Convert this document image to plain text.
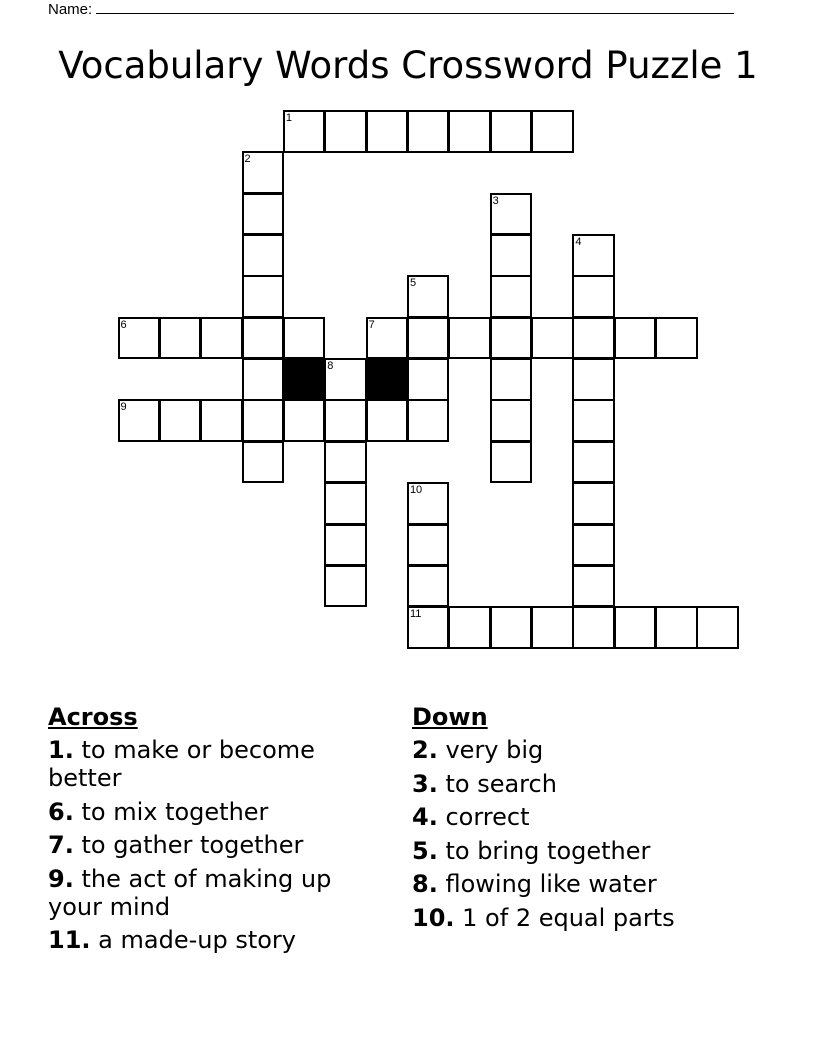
Name:
Vocabulary Words Crossword Puzzle 1
1
2
3
4
5
6	7
8
9
10
11
Across
1. to make or become better
6. to mix together
7. to gather together
9. the act of making up your mind
11. a made-up story
Down
2. very big
3. to search
4. correct
5. to bring together
8. flowing like water
10. 1 of 2 equal parts
